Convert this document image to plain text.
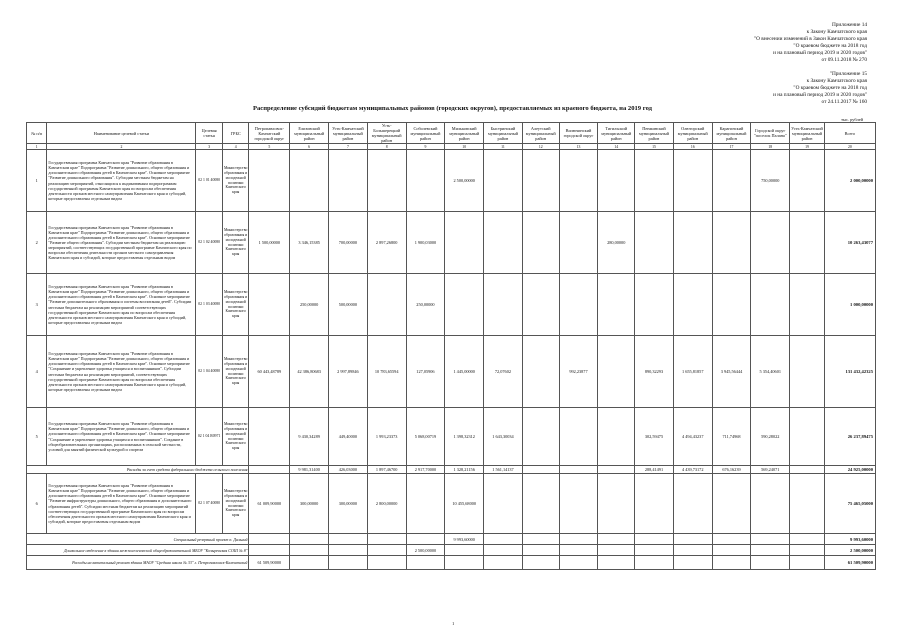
Приложение 14
к Закону Камчатского края
"О внесении изменений в Закон Камчатского края
"О краевом бюджете на 2018 год
и на плановый период 2019 и 2020 годов"
от 09.11.2018 № 270
"Приложение 15
к Закону Камчатского края
"О краевом бюджете на 2018 год
и на плановый период 2019 и 2020 годов"
от 24.11.2017 № 160
Распределение субсидий бюджетам муниципальных районов (городских округов), предоставляемых из краевого бюджета, на 2019 год
тыс. рублей
№ п/п	Наименование целевой статьи	Целевая статья	ГРБС	Петропавловск-Камчатский городской округ	Елизовский муниципальный район	Усть-Камчатский муниципальный район	Усть-Большерецкий муниципальный район	Соболевский муниципальный район	Мильковский муниципальный район	Быстринский муниципальный район	Алеутский муниципальный район	Вилючинский городской округ	Тигильский муниципальный район	Пенжинский муниципальный район	Олюторский муниципальный район	Карагинский муниципальный район	Городской округ "поселок Палана"	Усть-Камчатский муниципальный район	Всего
1	2	3	4	5	6	7	8	9	10	11	12	13	14	15	16	17	18	19	20
1	Государственная программа Камчатского края "Развитие образования в Камчатском крае" Подпрограмма "Развитие дошкольного, общего образования и дополнительного образования детей в Камчатском крае". Основное мероприятие "Развитие дошкольного образования". Субсидии местным бюджетам на реализацию мероприятий, относящихся к индикативным подпрограммам государственной программы Камчатского края по вопросам обеспечения деятельности органов местного самоуправления Камчатского края и субсидий, которые предоставлены отдельным видом	02 1 01 40080	Министерство образования и молодежной политики Камчатского края						2 500,00000								750,00000		2 000,00000
2	Государственная программа Камчатского края "Развитие образования в Камчатском крае" Подпрограмма "Развитие дошкольного, общего образования и дополнительного образования детей в Камчатском крае". Основное мероприятие "Развитие общего образования". Субсидии местным бюджетам на реализацию мероприятий, соответствующих государственной программе Камчатского края по вопросам обеспечения деятельности органов местного самоуправления Камчатского края и субсидий, которые предоставлены отдельным видом	02 1 02 40080	Министерство образования и молодежной политики Камчатского края	1 500,00000	3 346,15385	700,00000	2 897,26800	1 900,03000					280,00000						10 263,43077
3	Государственная программа Камчатского края "Развитие образования в Камчатском крае" Подпрограмма "Развитие дошкольного, общего образования и дополнительного образования детей в Камчатском крае". Основное мероприятие "Развитие дополнительного образования и системы воспитания детей". Субсидии местным бюджетам на реализацию мероприятий соответствующих государственной программе Камчатского края по вопросам обеспечения деятельности органов местного самоуправления Камчатского края и субсидий, которые предоставлены отдельным видом	02 1 03 40080	Министерство образования и молодежной политики Камчатского края		250,00000	500,00000		250,00000											1 000,00000
4	Государственная программа Камчатского края "Развитие образования в Камчатском крае" Подпрограмма "Развитие дошкольного, общего образования и дополнительного образования детей в Камчатском крае". Основное мероприятие "Сохранение и укрепление здоровья учащихся и воспитанников". Субсидии местным бюджетам на реализацию мероприятий, соответствующих государственной программе Камчатского края по вопросам обеспечения деятельности органов местного самоуправления Камчатского края и субсидий, которые предоставлены отдельным видом	02 1 04 40080	Министерство образования и молодежной политики Камчатского края	60 443,48789	42 386,80683	2 997,89846	10 783,65594	127,05906	1 445,00000	72,07602		992,23877		890,32293	1 655,81857	3 945,56444	5 354,40601		131 432,42325
5	Государственная программа Камчатского края "Развитие образования в Камчатском крае" Подпрограмма "Развитие дошкольного, общего образования и дополнительного образования детей в Камчатском крае". Основное мероприятие "Сохранение и укрепление здоровья учащихся и воспитанников". Создание в общеобразовательных организациях, расположенных в сельской местности, условий для занятий физической культурой и спортом	02 1 04 R0971	Министерство образования и молодежной политики Камчатского края		9 430,34289	449,40000	1 993,23373	5 068,00719	1 398,32312	1 643,30034				302,59475	4 494,43237	711,74968	590,28022		26 237,89475
Расходы за счет средств федерального бюджета сельского поселения					9 981,31400	426,03000	1 897,46700	2 917,70000	1 328,21156	1 561,14137				288,41491	4 439,73172	676,16239	569,24071		24 925,00000
6	Государственная программа Камчатского края "Развитие образования в Камчатском крае" Подпрограмма "Развитие дошкольного, общего образования и дополнительного образования детей в Камчатском крае". Основное мероприятие "Развитие инфраструктуры дошкольного, общего образования и дополнительного образования детей". Субсидии местным бюджетам на реализацию мероприятий соответствующих государственной программе Камчатского края по вопросам обеспечения деятельности органов местного самоуправления Камчатского края и субсидий, которые предоставлены отдельным видом	02 1 07 40080	Министерство образования и молодежной политики Камчатского края	61 009,90000	300,00000	300,00000	2 800,00000		10 455,68000										75 465,05000
Специальный резервный проект п. Дальний									9 993,60000										9 993,60000
Дошкольное отделение в здании межпоселенческой общеобразовательной МБОУ "Козыревская СОШ № 8"								2 500,00000											2 500,00000
Расходы на капитальный ремонт здания МАОУ "Средняя школа № 33" г. Петропавловск-Камчатский				61 509,90000															61 509,90000
1
